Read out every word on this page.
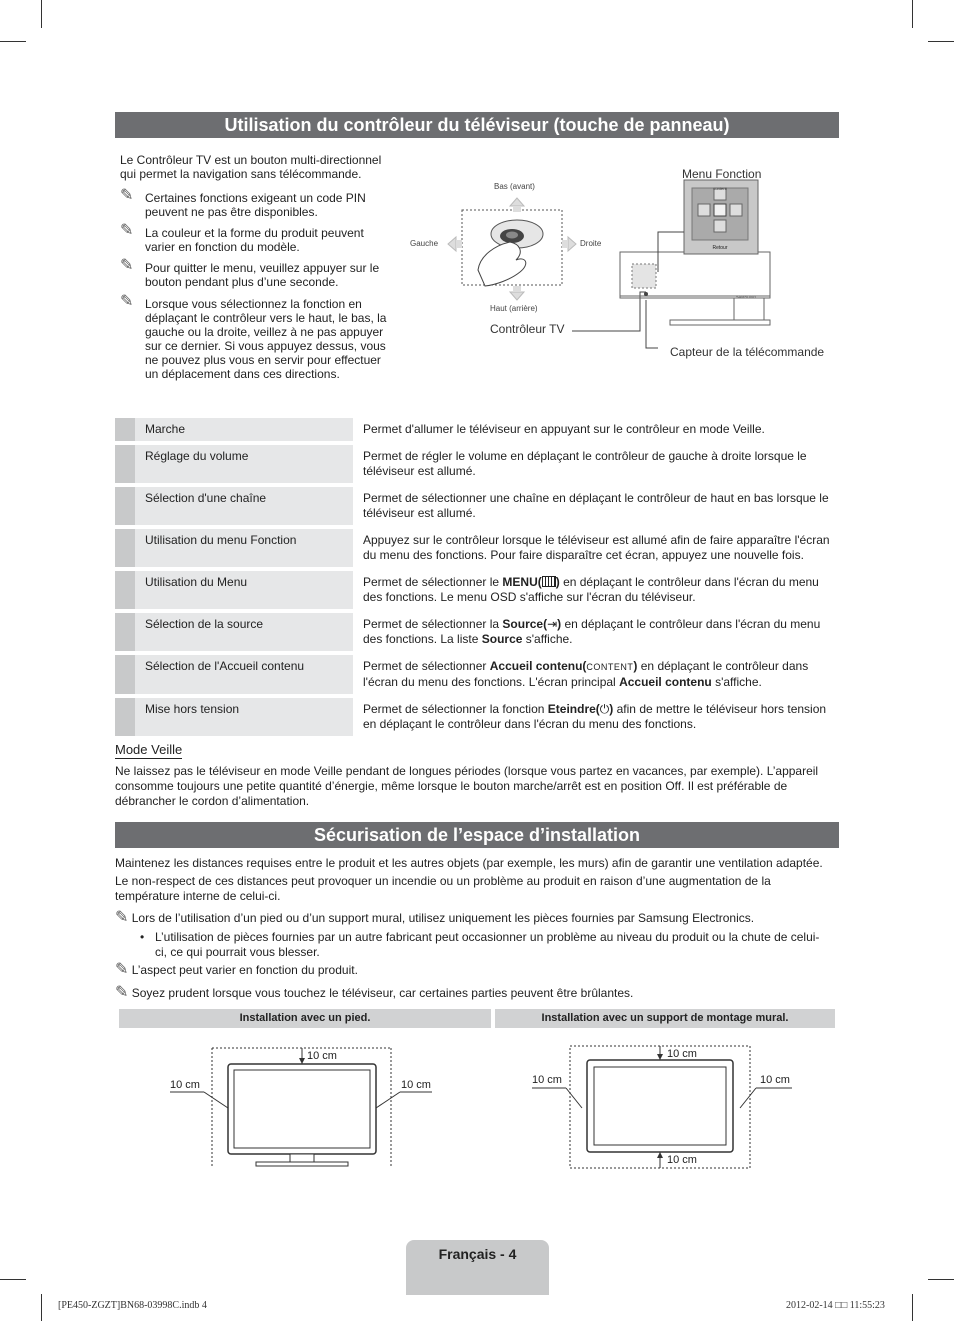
Utilisation du contrôleur du téléviseur (touche de panneau)
Le Contrôleur TV est un bouton multi-directionnel qui permet la navigation sans télécommande.
✎ Certaines fonctions exigeant un code PIN peuvent ne pas être disponibles.
✎ La couleur et la forme du produit peuvent varier en fonction du modèle.
✎ Pour quitter le menu, veuillez appuyer sur le bouton pendant plus d’une seconde.
✎ Lorsque vous sélectionnez la fonction en déplaçant le contrôleur vers le haut, le bas, la gauche ou la droite, veillez à ne pas appuyer sur ce dernier. Si vous appuyez dessus, vous ne pouvez plus vous en servir pour effectuer un déplacement dans ces directions.
content
Retour
SAMSUNG
Bas (avant)
Haut (arrière)
Gauche	Droite
Contrôleur TV
Menu Fonction
Capteur de la télécommande
	Marche		Permet d'allumer le téléviseur en appuyant sur le contrôleur en mode Veille.
	Réglage du volume		Permet de régler le volume en déplaçant le contrôleur de gauche à droite lorsque le téléviseur est allumé.
	Sélection d'une chaîne		Permet de sélectionner une chaîne en déplaçant le contrôleur de haut en bas lorsque le téléviseur est allumé.
	Utilisation du menu Fonction		Appuyez sur le contrôleur lorsque le téléviseur est allumé afin de faire apparaître l'écran du menu des fonctions. Pour faire disparaître cet écran, appuyez une nouvelle fois.
	Utilisation du Menu		Permet de sélectionner le MENU( ) en déplaçant le contrôleur dans l'écran du menu des fonctions. Le menu OSD s'affiche sur l'écran du téléviseur.
	Sélection de la source		Permet de sélectionner la Source(⇥) en déplaçant le contrôleur dans l'écran du menu des fonctions. La liste Source s'affiche.
	Sélection de l'Accueil contenu		Permet de sélectionner Accueil contenu(CONTENT) en déplaçant le contrôleur dans l'écran du menu des fonctions. L'écran principal Accueil contenu s'affiche.
	Mise hors tension		Permet de sélectionner la fonction Eteindre(⏻) afin de mettre le téléviseur hors tension en déplaçant le contrôleur dans l'écran du menu des fonctions.
Mode Veille
Ne laissez pas le téléviseur en mode Veille pendant de longues périodes (lorsque vous partez en vacances, par exemple). L’appareil consomme toujours une petite quantité d’énergie, même lorsque le bouton marche/arrêt est en position Off. Il est préférable de débrancher le cordon d’alimentation.
Sécurisation de l’espace d’installation
Maintenez les distances requises entre le produit et les autres objets (par exemple, les murs) afin de garantir une ventilation adaptée.
Le non-respect de ces distances peut provoquer un incendie ou un problème au produit en raison d’une augmentation de la température interne de celui-ci.
✎ Lors de l’utilisation d’un pied ou d’un support mural, utilisez uniquement les pièces fournies par Samsung Electronics.
• L’utilisation de pièces fournies par un autre fabricant peut occasionner un problème au niveau du produit ou la chute de celui-ci, ce qui pourrait vous blesser.
✎ L’aspect peut varier en fonction du produit.
✎ Soyez prudent lorsque vous touchez le téléviseur, car certaines parties peuvent être brûlantes.
Installation avec un pied.	Installation avec un support de montage mural.
10 cm
10 cm	10 cm
10 cm
10 cm	10 cm
10 cm
Français - 4
[PE450-ZGZT]BN68-03998C.indb 4	2012-02-14 □□ 11:55:23
